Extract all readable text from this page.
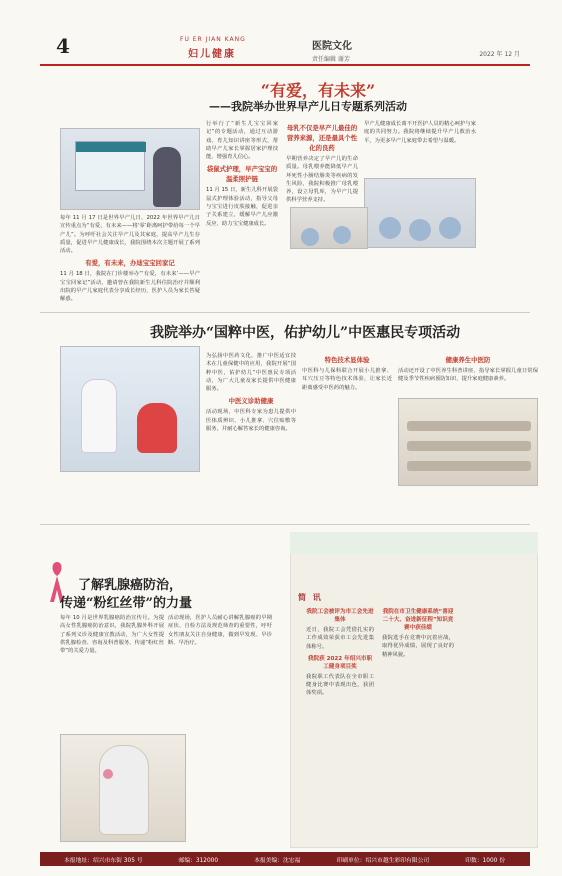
4	FU ER JIAN KANG
妇儿健康
医院文化
责任编辑 谢芳
2022 年 12 月
“有爱，有未来”
——我院举办世界早产儿日专题系列活动

每年 11 月 17 日是世界早产儿日，2022 年世界早产儿日宣传重点为“有爱，有未来——将‘零’距离呵护带给每一个早产儿”。为呼吁社会关注早产儿及其家庭，提高早产儿生存质量，促进早产儿健康成长，我院围绕本次主题开展了系列活动。

有爱，有未来，办迪宝宝回家记

11 月 18 日，我院在门诊楼举办“‘有爱，有未来’——早产宝宝回家记”活动，邀请曾在我院新生儿科住院治疗并顺利出院的早产儿家庭代表分享成长经历，医护人员为家长答疑解惑。

行举行了“新生儿宝宝回家记”的专题活动，通过互动游戏、育儿知识讲座等形式，帮助早产儿家长掌握居家护理技能，增强育儿信心。

袋鼠式护理，早产宝宝的温柔照护链

11 月 15 日，新生儿科开展袋鼠式护理体验活动，指导父母与宝宝进行皮肤接触，促进亲子关系建立，缓解早产儿应激反应，助力宝宝健康成长。

母乳不仅是早产儿最佳的营养来源，还是最具个性化的良药

早期营养决定了早产儿的生命质量。母乳喂养能降低早产儿坏死性小肠结肠炎等疾病的发生风险，我院积极推广母乳喂养，设立母乳库，为早产儿提供科学营养支持。

早产儿健康成长离不开医护人员的精心呵护与家庭的共同努力。我院将继续提升早产儿救治水平，为更多早产儿家庭带去希望与温暖。

我院举办“国粹中医，佑护幼儿”中医惠民专项活动

为弘扬中医药文化，推广中医适宜技术在儿童保健中的应用，我院开展“国粹中医，佑护幼儿”中医惠民专项活动，为广大儿童及家长提供中医健康服务。

中医义诊助健康

活动现场，中医科专家为患儿提供中医体质辨识、小儿推拿、穴位贴敷等服务，并耐心解答家长的健康咨询。

特色技术显体验

中医科与儿保科联合开展小儿推拿、耳穴压豆等特色技术体验，让家长近距离感受中医药的魅力。

健康养生中医防

活动还开设了中医养生科普讲座，指导家长掌握儿童日常保健及季节性疾病预防知识，提升家庭健康素养。

了解乳腺癌防治，
传递“粉红丝带”的力量

每年 10 月是世界乳腺癌防治宣传月。为提高女性乳腺癌防治意识，我院乳腺外科开展了系列义诊及健康宣教活动，为广大女性提供乳腺检查、咨询及科普服务，传递“粉红丝带”的关爱力量。

活动现场，医护人员耐心讲解乳腺癌的早期症状、自检方法及规范筛查的重要性，呼吁女性朋友关注自身健康，做到早发现、早诊断、早治疗。

简 讯
我院工会被评为市工会先进集体

近日，我院工会凭借扎实的工作成效荣获市工会先进集体称号。

我院获 2022 年绍兴市职工健身项目奖

我院职工代表队在全市职工健身比赛中表现出色，获团体奖项。

我院在市卫生健康系统“喜迎二十大、奋进新征程”知识竞赛中获佳绩

我院选手在竞赛中沉着应战，取得优异成绩，展现了良好的精神风貌。

本报地址：绍兴市东街 305 号	邮编：312000	本报美编：沈宏福	印刷单位：绍兴市越生彩印有限公司	印数：1000 份
